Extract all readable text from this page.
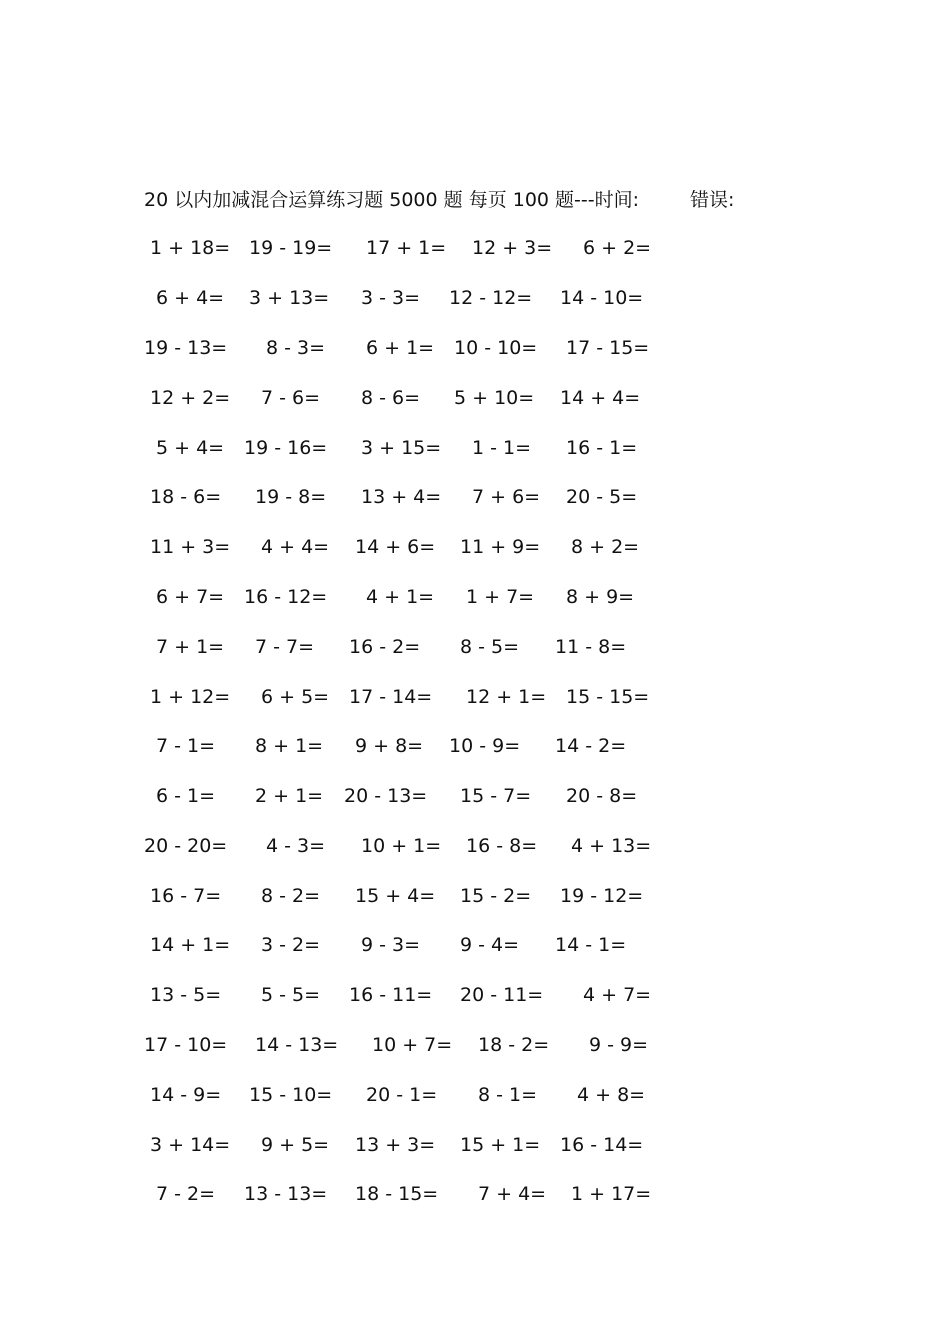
20 以内加减混合运算练习题 5000 题 每页 100 题---时间:	错误:
1 + 18= 19 - 19= 17 + 1= 12 + 3= 6 + 2=
6 + 4= 3 + 13= 3 - 3= 12 - 12= 14 - 10=
19 - 13= 8 - 3= 6 + 1= 10 - 10= 17 - 15=
12 + 2= 7 - 6= 8 - 6= 5 + 10= 14 + 4=
5 + 4= 19 - 16= 3 + 15= 1 - 1= 16 - 1=
18 - 6= 19 - 8= 13 + 4= 7 + 6= 20 - 5=
11 + 3= 4 + 4= 14 + 6= 11 + 9= 8 + 2=
6 + 7= 16 - 12= 4 + 1= 1 + 7= 8 + 9=
7 + 1= 7 - 7= 16 - 2= 8 - 5= 11 - 8=
1 + 12= 6 + 5= 17 - 14= 12 + 1= 15 - 15=
7 - 1= 8 + 1= 9 + 8= 10 - 9= 14 - 2=
6 - 1= 2 + 1= 20 - 13= 15 - 7= 20 - 8=
20 - 20= 4 - 3= 10 + 1= 16 - 8= 4 + 13=
16 - 7= 8 - 2= 15 + 4= 15 - 2= 19 - 12=
14 + 1= 3 - 2= 9 - 3= 9 - 4= 14 - 1=
13 - 5= 5 - 5= 16 - 11= 20 - 11= 4 + 7=
17 - 10= 14 - 13= 10 + 7= 18 - 2= 9 - 9=
14 - 9= 15 - 10= 20 - 1= 8 - 1= 4 + 8=
3 + 14= 9 + 5= 13 + 3= 15 + 1= 16 - 14=
7 - 2= 13 - 13= 18 - 15= 7 + 4= 1 + 17=
